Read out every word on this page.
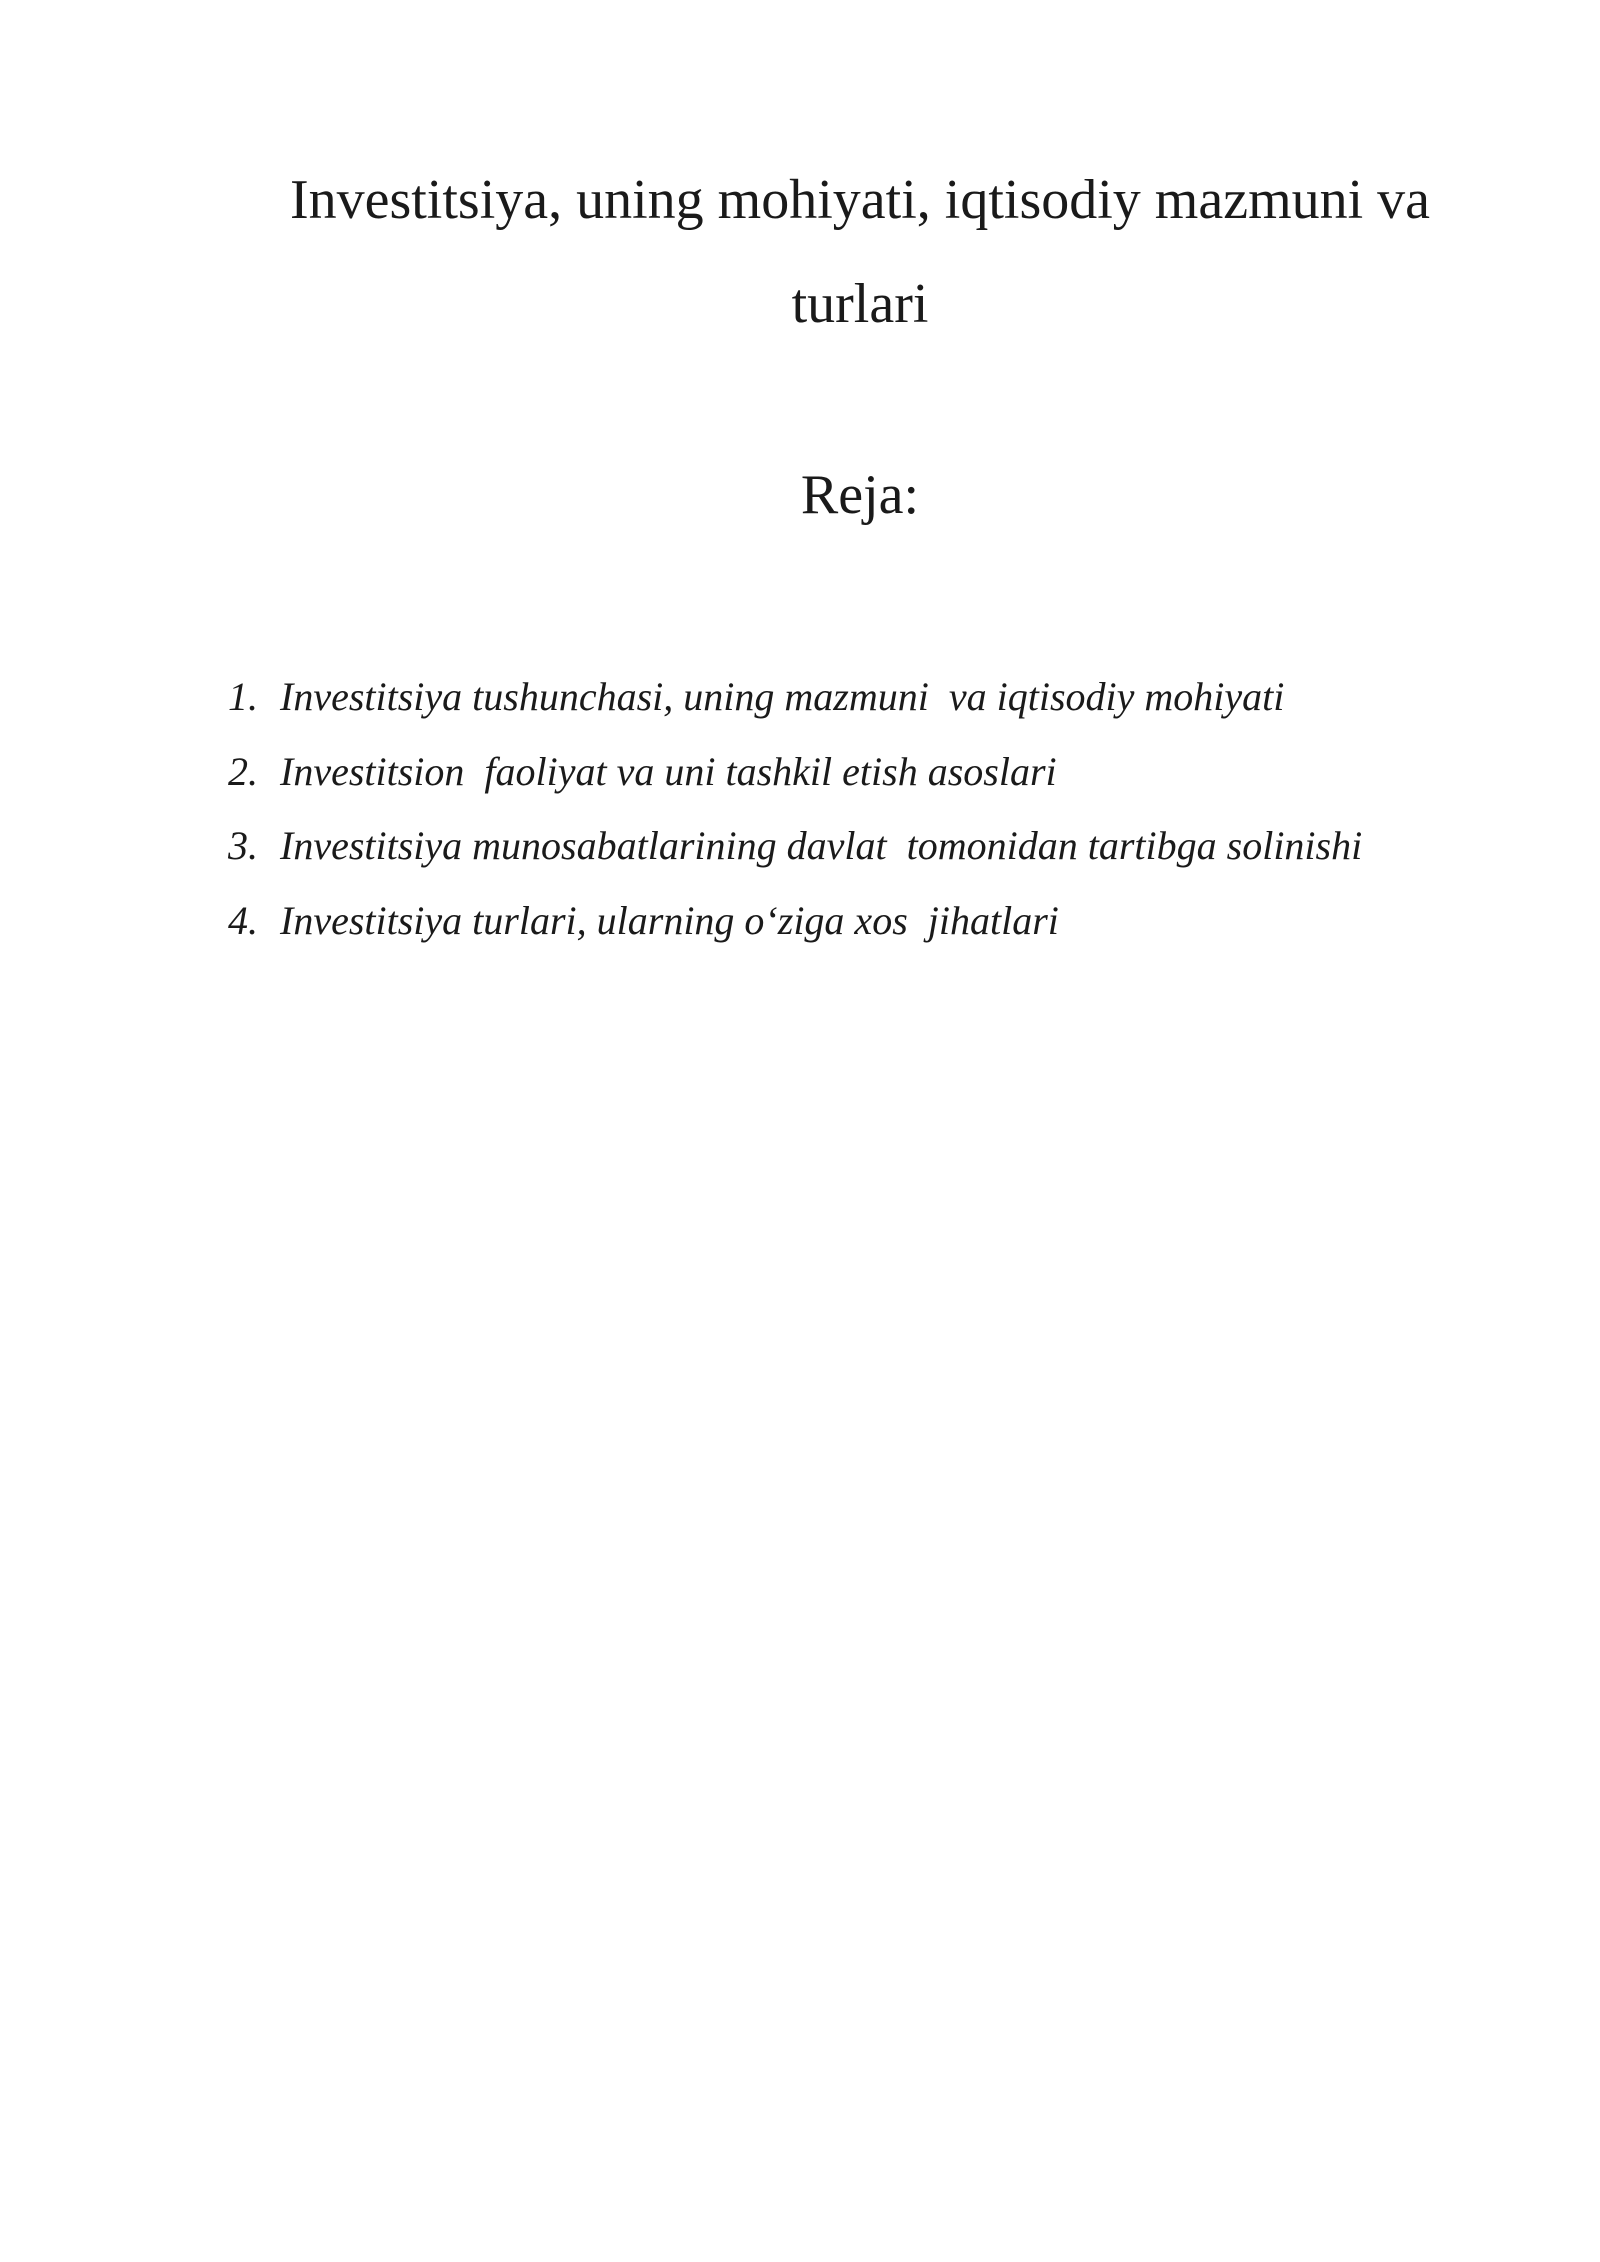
Investitsiya, uning mohiyati, iqtisodiy mazmuni va
turlari
Reja:
1. Investitsiya tushunchasi, uning mazmuni  va iqtisodiy mohiyati
2. Investitsion  faoliyat va uni tashkil etish asoslari
3. Investitsiya munosabatlarining davlat  tomonidan tartibga solinishi
4. Investitsiya turlari, ularning o‘ziga xos  jihatlari
